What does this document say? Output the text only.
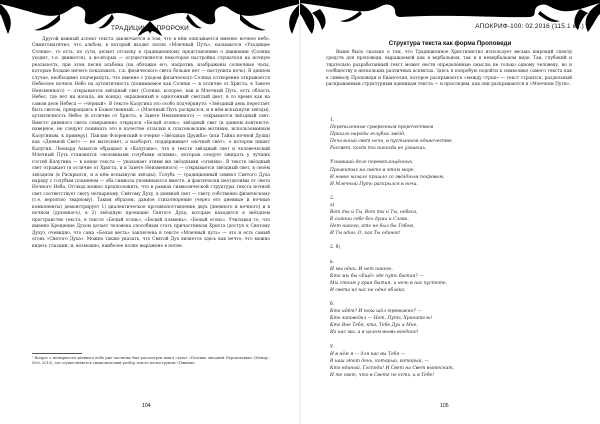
ТРАДИЦИИ И ПРОРОКИ

Другой важный аспект текста заключается в том, что в нём описывается именно ночное небо. Симптоматично, что альбом, в который входит песня «Млечный Путь», называется «Уходящее Солнце», то есть, по сути, делает отсылку к традиционному представлению о движении (Солнце уходит, т.е. движется), а во-вторых — осуществляется некоторая настройка слушателя на ночную реальность, при этом песня альбома (на обложке его, напротив, изображены солнечные часы, которые больше ничего показывать, т.к. физического света больше нет — наступила ночь). В данном случае, необходимо подчеркнуть, что именно с уходом физического Солнца сотворение открывается Небесное ночное Небо на аутентичность (понимаемое как Солнце — в отличие от Христа, в Завете Неизменного) — открывается звёздный свет (Солнце, которое, как и Млечный Путь, есть область Небес, где нет ни начала, ни конца), окрашенный в однотонный светлый цвет, в то время как на самом деле Небеса — «чёрный». В тексте Калугина это особо подчёркнуто: «Звёздный день перестаёт быть светом, превращаясь в Божественный...» (Млечный Путь раскрылся, и в нём вспыхнули звёзды), аутентичность Небес (в отличие от Христа, в Завете Неизменного) — открывается звёздный свет. Вместо дневного света совершенно открылся «Белый огонь», звёздный свет (в данном контексте, наверное, не следует понимать это в качестве отсылки к платоновским мотивам, использованным Калугиным, к примеру). Павлин Флоренский в очерке «Звёздная Дружба» (или Тайна ночной Души) как «Дневной Свет» — не вытесняет, а наоборот, поддерживает «ночной свет», о котором пишет Калугин. Леонард Ахматов обращает в «Калугине», что в тексте звёздный свет и человеческий Млечный Путь становятся «неземными голубыми огнями», которые следует ожидать у лучших гостей Калугина — в конце текста — указывает этими же звёздными «огнями». В тексте звёздный свет отражает (в отличие от Христа, и в Завете Неизменного) — открывается звёздный свет, в своём звёздном (в Раскрылся, и в нём вспыхнули звёзды). Голубь — традиционный символ Святого Духа наряду с голубым пламенем — оба символа упоминаются вместе, и фактически неотделимы от света Ночного Неба. Отсюда можно предположить, что в рамках символической структуры текста ночной свет соответствует свету нетварному, Святому Духу, в дневной свет — свету собственно физическому (т.е. вероятно тварному). Таким образом, данное стихотворение (через его дневные и ночные компоненты) демонстрирует 1) диалектическое противопоставление двух (дневного и ночного) и в ночном (духовного), в 2) звёздную проекцию Святого Духа, которые находятся в звёздном пространстве текста, в тексте «Белый огонь», «Белый пламень», «Белый огонь». Учитывая то, что именно Крещение Духом делает человека способным стать причастником Христа (доступ к Святому Духу), очевидно, что сама «Белая весть» заключена в тексте «Млечный путь» — это и есть самый огонь «Святого Духа». Можно также указать, что Святой Дух является здесь как нечто, что можно видеть глазами, и, возможно, наиболее полно выражено в песне.

¹ Вопрос о нетварности дневного неба уже частично был рассмотрен ими в статье «Поэтика звездной Перспективы» (Монар., №06, 2015), где осуществляется символический разбор текста песни группы «Пикник».
104
АПОКРИФ-100: 02.2016 (115.1 кл.)
Структура текста как форма Проповеди

Выше было сказано о том, что Традиционное Христианство использует весьма широкий спектр средств для проповеди, выражаемой как в вербальном, так и в невербальном виде. Так, глубокий и тщательно разработанный текст может нести определённые смыслы не только одному человеку, но и сообществу в нескольких различных аспектах. Здесь я попробую подойти к символике самого текста как к символу Проповеди и Евангелия, которое раскрывается «между строк» — текст строится, раздельный раскрываемым структурным единицам текста — и проследим, как они раскрываются в «Млечном Пути».

1.
Перепиленные суверенным пророчеством
Пришло народы голубых звёзд,
Печальный свет ночи, в пустынном одиночестве,
Рассвет, когда ты никогда не узнаешь,
Узнавший дело перевоплощённых,
Прожитых на свете в этом мире,
И новое начало пришло со звёздным покровом,
И Млечный Путь раскрылся в ночи.
2.
а)
Вот ты и Ты, Вот ты и Ты, небеса,
В сиянии себе без души и Слова.
Нет никого, кто не был бы Тобою,
И Ты один, О, как Ты одинок!
2. б)
в.
И мы одни. И нет никого,
Кто мы бы «Ещё» где путь бытия? —
Мы стоим у края бытия, и ночь в нас пустоте,
И света из нас не одно облако,
б.
Кто идёт? И пока шёл тревожно? —
Кто заповедал — Нет, Путь, Хранитель!
Кто Вне Тебя, кто, Тебе Дух и Мне,
Из нас мы, а в целом вновь воедино!
У.
И в нём я — для нас вы Тебя —
В наш этот день, который, который, —
Кто единый, Господи! И Свет на Свет вытеснит,
И те свет, что в Свете не есть, и в Тебе!
105
